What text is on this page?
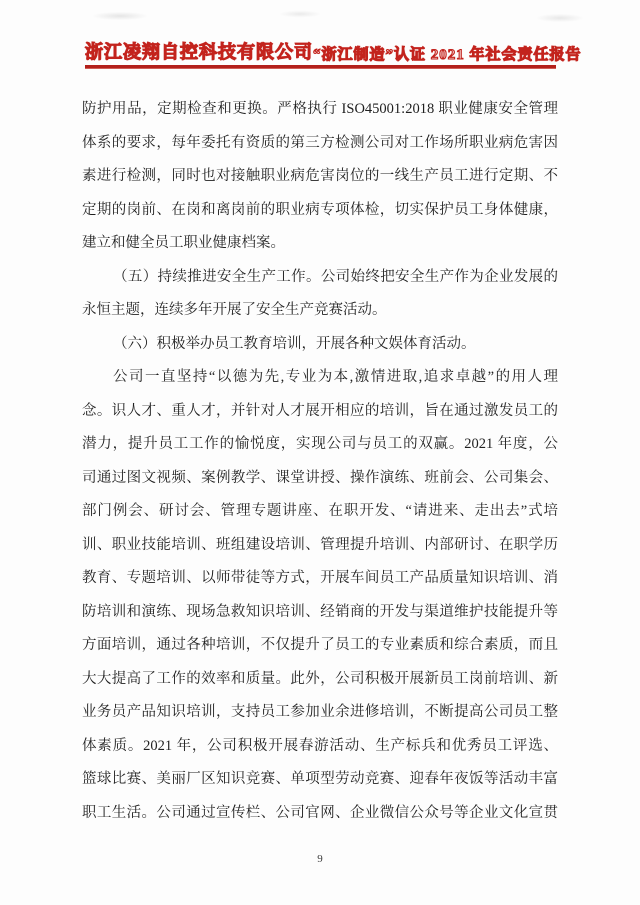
浙江凌翔自控科技有限公司 “浙江制造”认证 2021 年社会责任报告
防护用品，定期检查和更换。严格执行 ISO45001:2018 职业健康安全管理
体系的要求，每年委托有资质的第三方检测公司对工作场所职业病危害因
素进行检测，同时也对接触职业病危害岗位的一线生产员工进行定期、不
定期的岗前、在岗和离岗前的职业病专项体检，切实保护员工身体健康，
建立和健全员工职业健康档案。
（五）持续推进安全生产工作。公司始终把安全生产作为企业发展的
永恒主题，连续多年开展了安全生产竞赛活动。
（六）积极举办员工教育培训，开展各种文娱体育活动。
公司一直坚持“以德为先,专业为本,激情进取,追求卓越”的用人理
念。识人才、重人才，并针对人才展开相应的培训，旨在通过激发员工的
潜力，提升员工工作的愉悦度，实现公司与员工的双赢。2021 年度，公
司通过图文视频、案例教学、课堂讲授、操作演练、班前会、公司集会、
部门例会、研讨会、管理专题讲座、在职开发、“请进来、走出去”式培
训、职业技能培训、班组建设培训、管理提升培训、内部研讨、在职学历
教育、专题培训、以师带徒等方式，开展车间员工产品质量知识培训、消
防培训和演练、现场急救知识培训、经销商的开发与渠道维护技能提升等
方面培训，通过各种培训，不仅提升了员工的专业素质和综合素质，而且
大大提高了工作的效率和质量。此外，公司积极开展新员工岗前培训、新
业务员产品知识培训，支持员工参加业余进修培训，不断提高公司员工整
体素质。2021 年，公司积极开展春游活动、生产标兵和优秀员工评选、
篮球比赛、美丽厂区知识竞赛、单项型劳动竞赛、迎春年夜饭等活动丰富
职工生活。公司通过宣传栏、公司官网、企业微信公众号等企业文化宣贯
9
